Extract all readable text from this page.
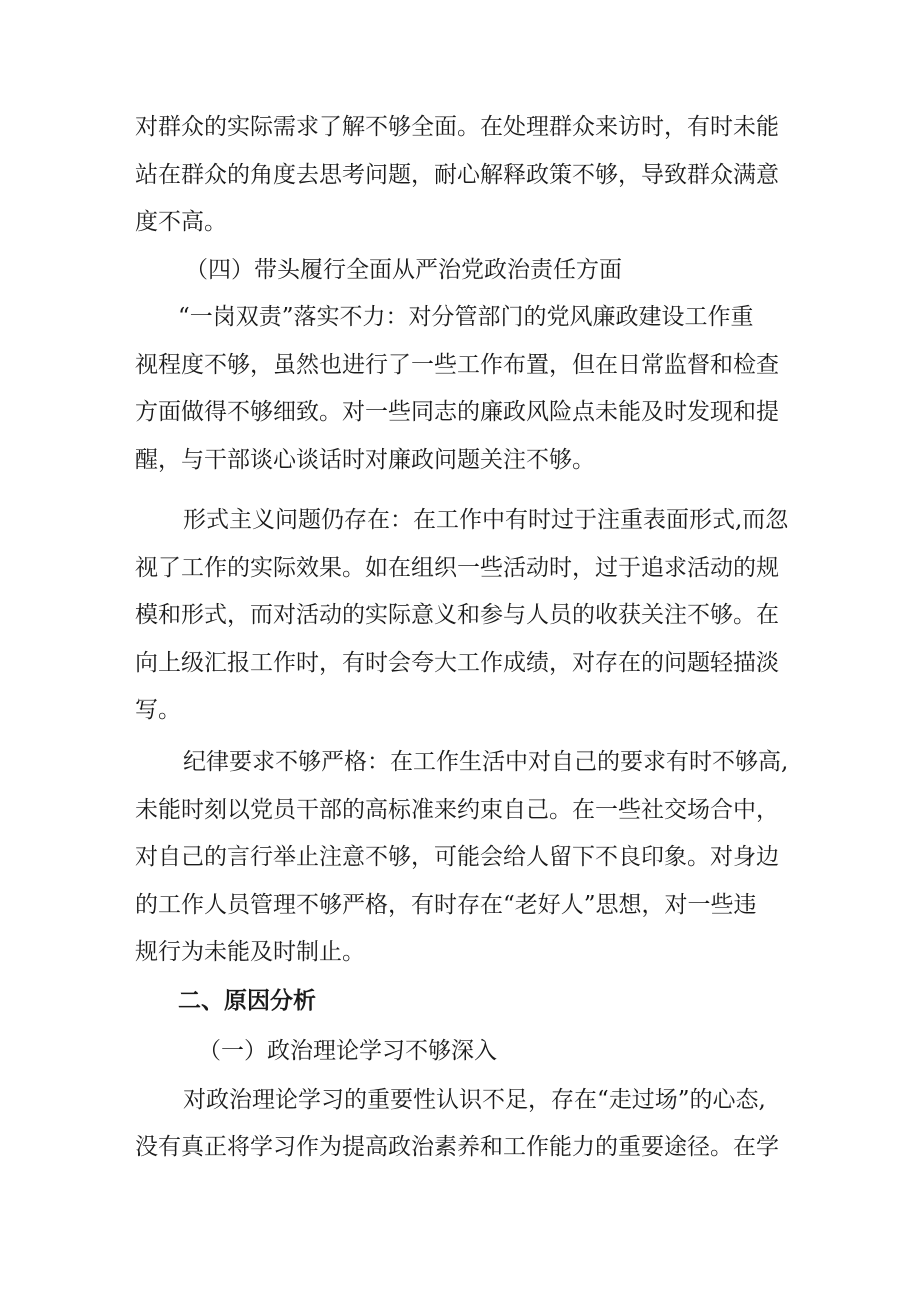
对群众的实际需求了解不够全面。在处理群众来访时，有时未能
站在群众的角度去思考问题，耐心解释政策不够，导致群众满意
度不高。
（四）带头履行全面从严治党政治责任方面
“一岗双责”落实不力：对分管部门的党风廉政建设工作重
视程度不够，虽然也进行了一些工作布置，但在日常监督和检查
方面做得不够细致。对一些同志的廉政风险点未能及时发现和提
醒，与干部谈心谈话时对廉政问题关注不够。
形式主义问题仍存在：在工作中有时过于注重表面形式,而忽
视了工作的实际效果。如在组织一些活动时，过于追求活动的规
模和形式，而对活动的实际意义和参与人员的收获关注不够。在
向上级汇报工作时，有时会夸大工作成绩，对存在的问题轻描淡
写。
纪律要求不够严格：在工作生活中对自己的要求有时不够高,
未能时刻以党员干部的高标准来约束自己。在一些社交场合中，
对自己的言行举止注意不够，可能会给人留下不良印象。对身边
的工作人员管理不够严格，有时存在“老好人”思想，对一些违
规行为未能及时制止。
二、原因分析
（一）政治理论学习不够深入
对政治理论学习的重要性认识不足，存在“走过场”的心态,
没有真正将学习作为提高政治素养和工作能力的重要途径。在学
